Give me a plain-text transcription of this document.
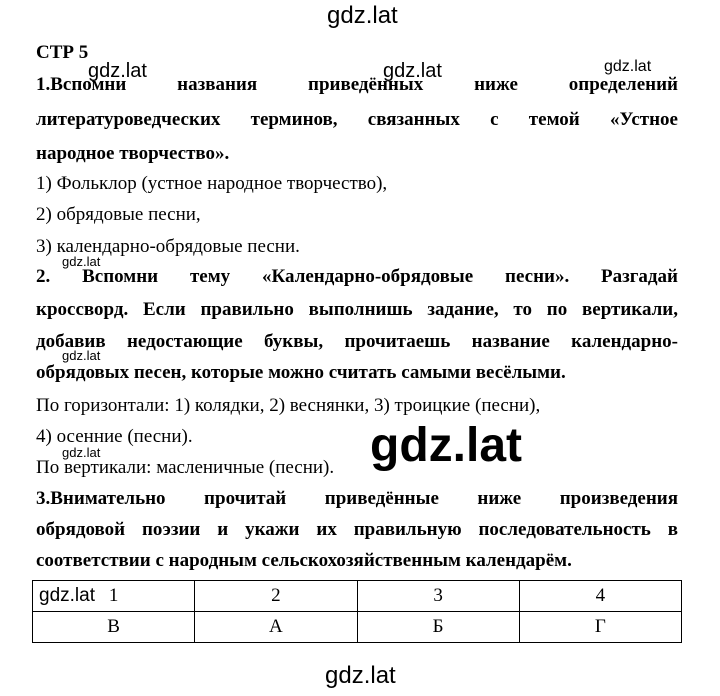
gdz.lat
СТР 5
1.Вспомни	названия	приведённых	ниже	определений
gdz.lat	gdz.lat	gdz.lat
литературоведческих терминов, связанных с темой «Устное
народное творчество».
1) Фольклор (устное народное творчество),
2) обрядовые песни,
3) календарно-обрядовые песни.
gdz.lat
2. Вспомни тему «Календарно-обрядовые песни». Разгадай
кроссворд. Если правильно выполнишь задание, то по вертикали,
добавив недостающие буквы, прочитаешь название календарно-
обрядовых песен, которые можно считать самыми весёлыми.
gdz.lat
По горизонтали: 1) колядки, 2) веснянки, 3) троицкие (песни),
4) осенние (песни).
По вертикали: масленичные (песни).
gdz.lat	gdz.lat
3.Внимательно прочитай приведённые ниже произведения
обрядовой поэзии и укажи их правильную последовательность в
соответствии с народным сельскохозяйственным календарём.
gdz.lat 1	2	3	4
В	А	Б	Г
gdz.lat
